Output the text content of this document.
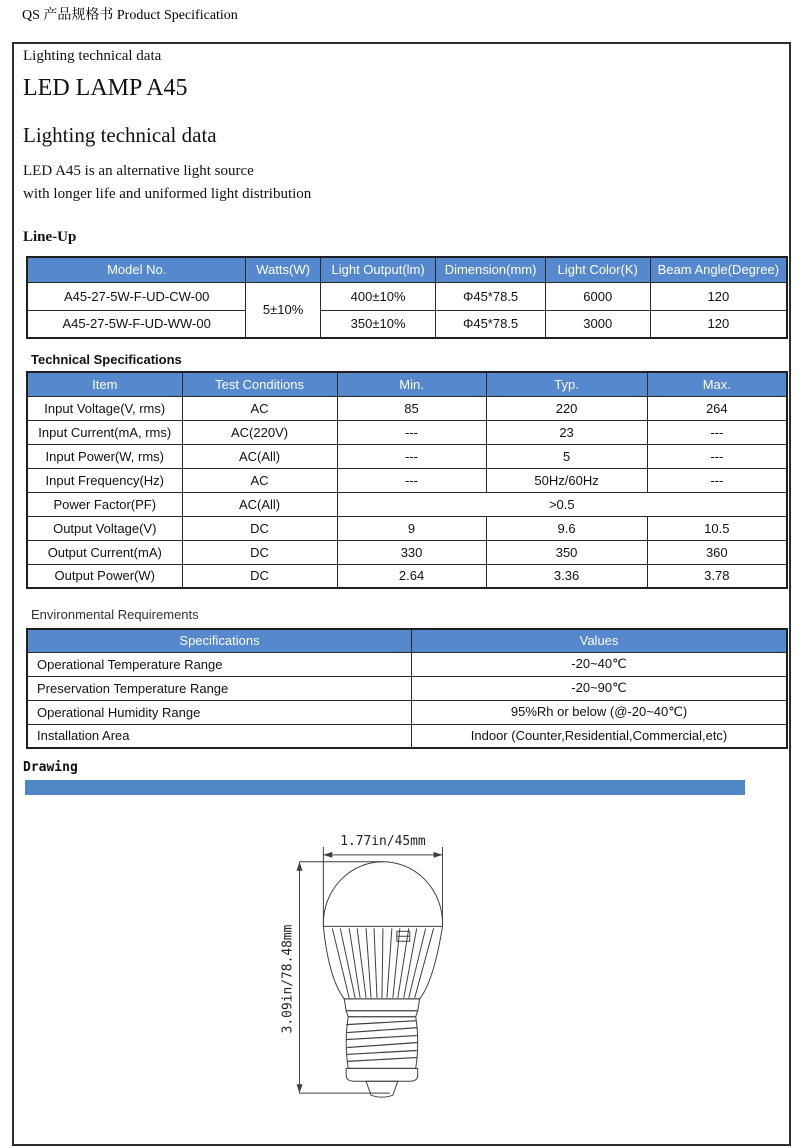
QS 产品规格书 Product Specification
Lighting technical data
LED LAMP A45
Lighting technical data
LED A45 is an alternative light source
with longer life and uniformed light distribution
Line-Up
Model No.	Watts(W)	Light Output(lm)	Dimension(mm)	Light Color(K)	Beam Angle(Degree)
A45-27-5W-F-UD-CW-00	5±10%	400±10%	Φ45*78.5	6000	120
A45-27-5W-F-UD-WW-00		350±10%	Φ45*78.5	3000	120
Technical Specifications
Item	Test Conditions	Min.	Typ.	Max.
Input Voltage(V, rms)	AC	85	220	264
Input Current(mA, rms)	AC(220V)	---	23	---
Input Power(W, rms)	AC(All)	---	5	---
Input Frequency(Hz)	AC	---	50Hz/60Hz	---
Power Factor(PF)	AC(All)	>0.5		
Output Voltage(V)	DC	9	9.6	10.5
Output Current(mA)	DC	330	350	360
Output Power(W)	DC	2.64	3.36	3.78
Environmental Requirements
Specifications	Values
Operational Temperature Range	-20~40℃
Preservation Temperature Range	-20~90℃
Operational Humidity Range	95%Rh or below (@-20~40℃)
Installation Area	Indoor (Counter,Residential,Commercial,etc)
Drawing
1.77in/45mm
3.09in/78.48mm
